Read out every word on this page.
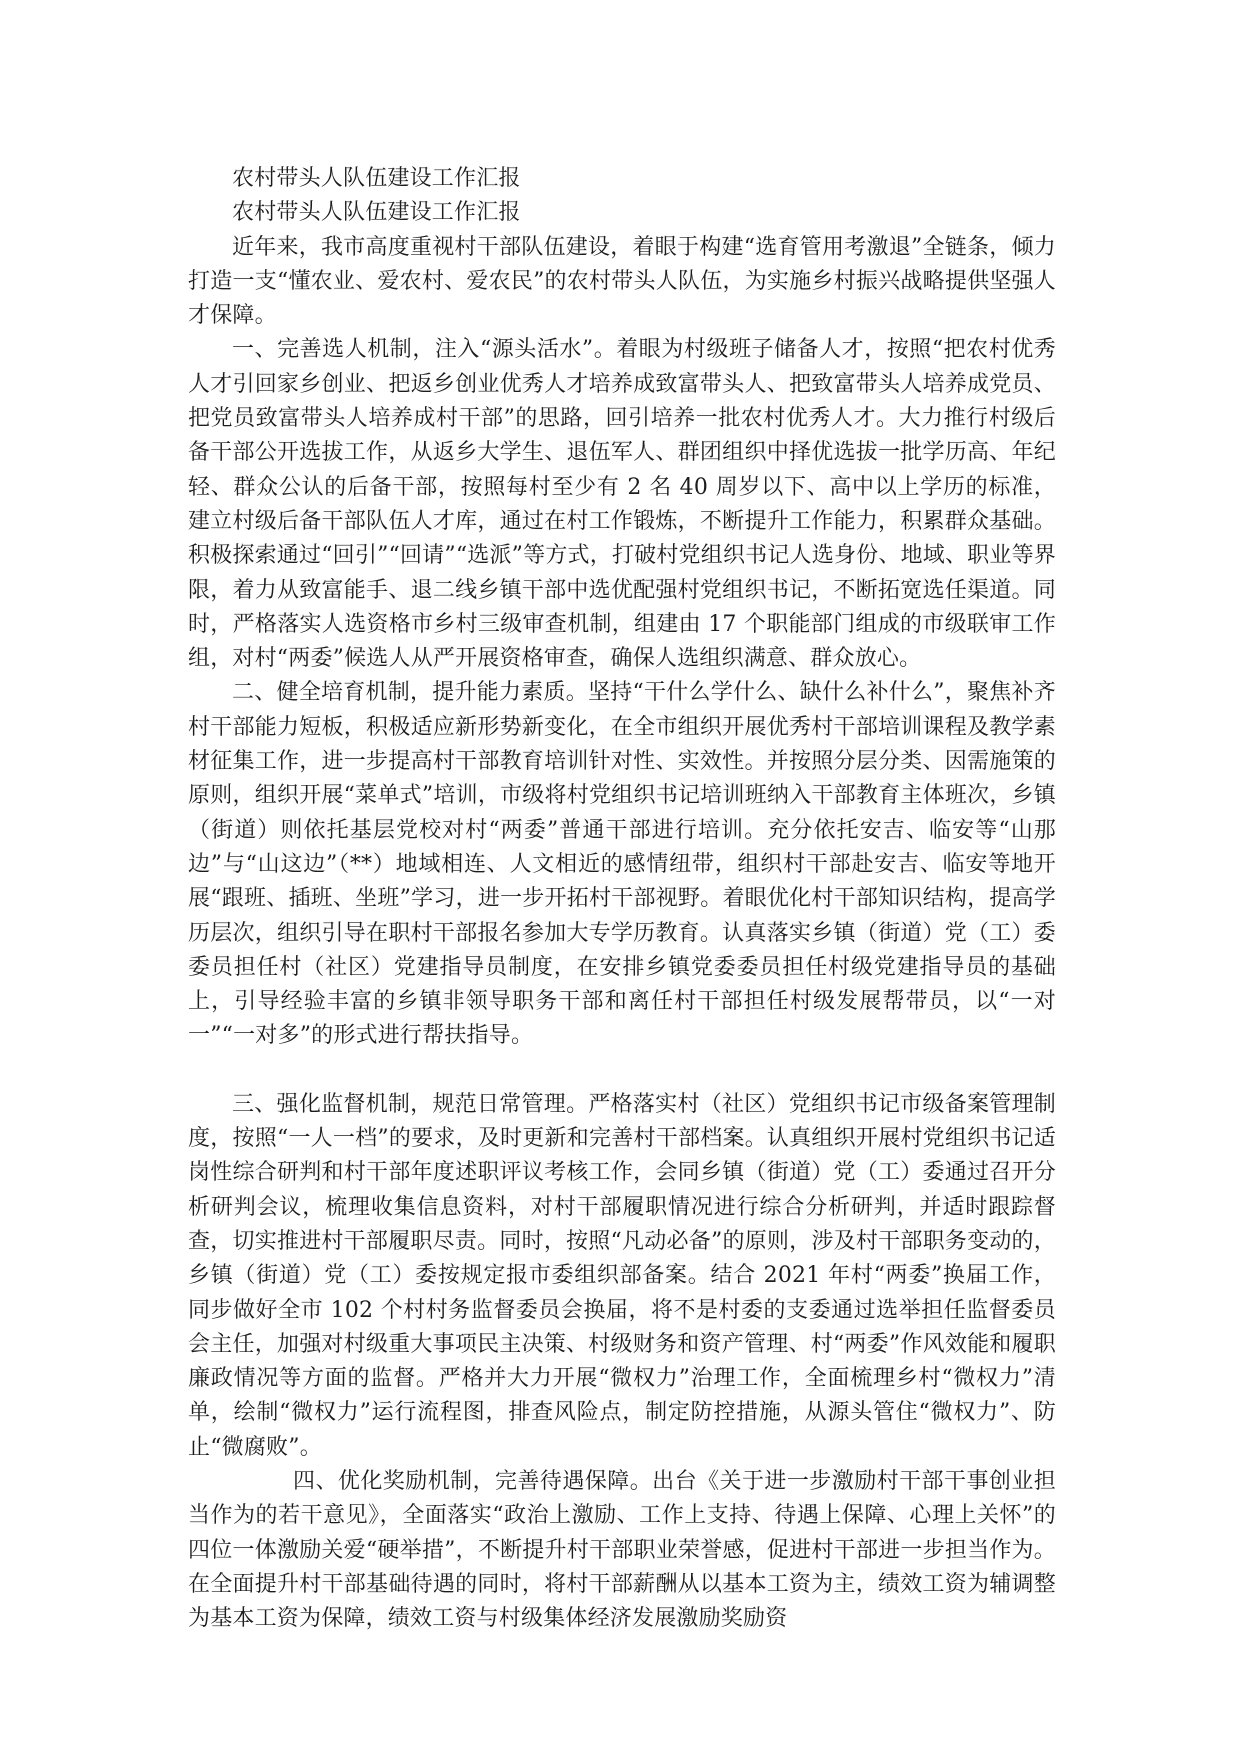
农村带头人队伍建设工作汇报

农村带头人队伍建设工作汇报

近年来，我市高度重视村干部队伍建设，着眼于构建“选育管用考激退”全链条，倾力打造一支“懂农业、爱农村、爱农民”的农村带头人队伍，为实施乡村振兴战略提供坚强人才保障。

一、完善选人机制，注入“源头活水”。着眼为村级班子储备人才，按照“把农村优秀人才引回家乡创业、把返乡创业优秀人才培养成致富带头人、把致富带头人培养成党员、把党员致富带头人培养成村干部”的思路，回引培养一批农村优秀人才。大力推行村级后备干部公开选拔工作，从返乡大学生、退伍军人、群团组织中择优选拔一批学历高、年纪轻、群众公认的后备干部，按照每村至少有 2 名 40 周岁以下、高中以上学历的标准，建立村级后备干部队伍人才库，通过在村工作锻炼，不断提升工作能力，积累群众基础。积极探索通过“回引”“回请”“选派”等方式，打破村党组织书记人选身份、地域、职业等界限，着力从致富能手、退二线乡镇干部中选优配强村党组织书记，不断拓宽选任渠道。同时，严格落实人选资格市乡村三级审查机制，组建由 17 个职能部门组成的市级联审工作组，对村“两委”候选人从严开展资格审查，确保人选组织满意、群众放心。

二、健全培育机制，提升能力素质。坚持“干什么学什么、缺什么补什么”，聚焦补齐村干部能力短板，积极适应新形势新变化，在全市组织开展优秀村干部培训课程及教学素材征集工作，进一步提高村干部教育培训针对性、实效性。并按照分层分类、因需施策的原则，组织开展“菜单式”培训，市级将村党组织书记培训班纳入干部教育主体班次，乡镇（街道）则依托基层党校对村“两委”普通干部进行培训。充分依托安吉、临安等“山那边”与“山这边”（**）地域相连、人文相近的感情纽带，组织村干部赴安吉、临安等地开展“跟班、插班、坐班”学习，进一步开拓村干部视野。着眼优化村干部知识结构，提高学历层次，组织引导在职村干部报名参加大专学历教育。认真落实乡镇（街道）党（工）委委员担任村（社区）党建指导员制度，在安排乡镇党委委员担任村级党建指导员的基础上，引导经验丰富的乡镇非领导职务干部和离任村干部担任村级发展帮带员，以“一对一”“一对多”的形式进行帮扶指导。

三、强化监督机制，规范日常管理。严格落实村（社区）党组织书记市级备案管理制度，按照“一人一档”的要求，及时更新和完善村干部档案。认真组织开展村党组织书记适岗性综合研判和村干部年度述职评议考核工作，会同乡镇（街道）党（工）委通过召开分析研判会议，梳理收集信息资料，对村干部履职情况进行综合分析研判，并适时跟踪督查，切实推进村干部履职尽责。同时，按照“凡动必备”的原则，涉及村干部职务变动的，乡镇（街道）党（工）委按规定报市委组织部备案。结合 2021 年村“两委”换届工作，同步做好全市 102 个村村务监督委员会换届，将不是村委的支委通过选举担任监督委员会主任，加强对村级重大事项民主决策、村级财务和资产管理、村“两委”作风效能和履职廉政情况等方面的监督。严格并大力开展“微权力”治理工作，全面梳理乡村“微权力”清单，绘制“微权力”运行流程图，排查风险点，制定防控措施，从源头管住“微权力”、防止“微腐败”。

四、优化奖励机制，完善待遇保障。出台《关于进一步激励村干部干事创业担当作为的若干意见》，全面落实“政治上激励、工作上支持、待遇上保障、心理上关怀”的四位一体激励关爱“硬举措”，不断提升村干部职业荣誉感，促进村干部进一步担当作为。在全面提升村干部基础待遇的同时，将村干部薪酬从以基本工资为主，绩效工资为辅调整为基本工资为保障，绩效工资与村级集体经济发展激励奖励资
